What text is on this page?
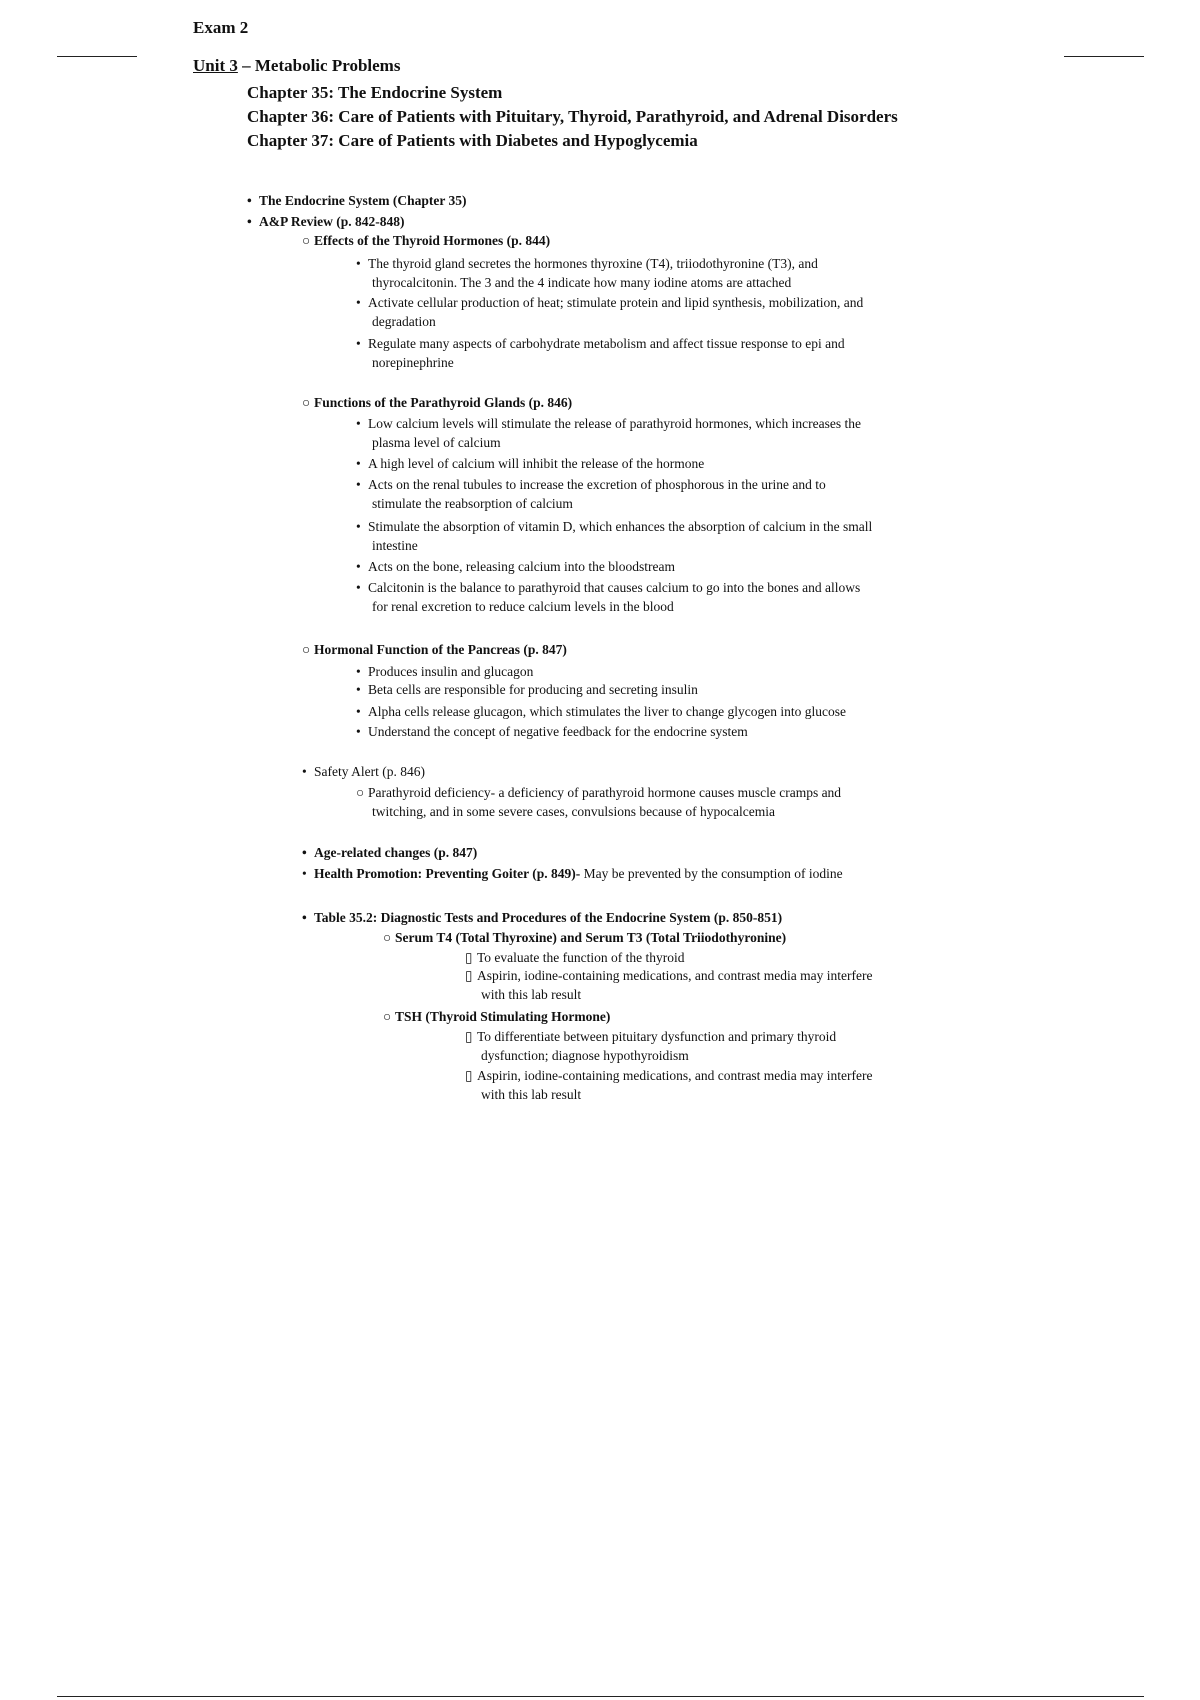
Exam 2
Unit 3 – Metabolic Problems
Chapter 35: The Endocrine System
Chapter 36: Care of Patients with Pituitary, Thyroid, Parathyroid, and Adrenal Disorders
Chapter 37: Care of Patients with Diabetes and Hypoglycemia
• The Endocrine System (Chapter 35)
• A&P Review (p. 842-848)
○ Effects of the Thyroid Hormones (p. 844)
• The thyroid gland secretes the hormones thyroxine (T4), triiodothyronine (T3), and
thyrocalcitonin. The 3 and the 4 indicate how many iodine atoms are attached
• Activate cellular production of heat; stimulate protein and lipid synthesis, mobilization, and
degradation
• Regulate many aspects of carbohydrate metabolism and affect tissue response to epi and
norepinephrine
○ Functions of the Parathyroid Glands (p. 846)
• Low calcium levels will stimulate the release of parathyroid hormones, which increases the
plasma level of calcium
• A high level of calcium will inhibit the release of the hormone
• Acts on the renal tubules to increase the excretion of phosphorous in the urine and to
stimulate the reabsorption of calcium
• Stimulate the absorption of vitamin D, which enhances the absorption of calcium in the small
intestine
• Acts on the bone, releasing calcium into the bloodstream
• Calcitonin is the balance to parathyroid that causes calcium to go into the bones and allows
for renal excretion to reduce calcium levels in the blood
○ Hormonal Function of the Pancreas (p. 847)
• Produces insulin and glucagon
• Beta cells are responsible for producing and secreting insulin
• Alpha cells release glucagon, which stimulates the liver to change glycogen into glucose
• Understand the concept of negative feedback for the endocrine system
• Safety Alert (p. 846)
○ Parathyroid deficiency- a deficiency of parathyroid hormone causes muscle cramps and
twitching, and in some severe cases, convulsions because of hypocalcemia
• Age-related changes (p. 847)
• Health Promotion: Preventing Goiter (p. 849)- May be prevented by the consumption of iodine
• Table 35.2: Diagnostic Tests and Procedures of the Endocrine System (p. 850-851)
○ Serum T4 (Total Thyroxine) and Serum T3 (Total Triiodothyronine)
▯ To evaluate the function of the thyroid
▯ Aspirin, iodine-containing medications, and contrast media may interfere
with this lab result
○ TSH (Thyroid Stimulating Hormone)
▯ To differentiate between pituitary dysfunction and primary thyroid
dysfunction; diagnose hypothyroidism
▯ Aspirin, iodine-containing medications, and contrast media may interfere
with this lab result
